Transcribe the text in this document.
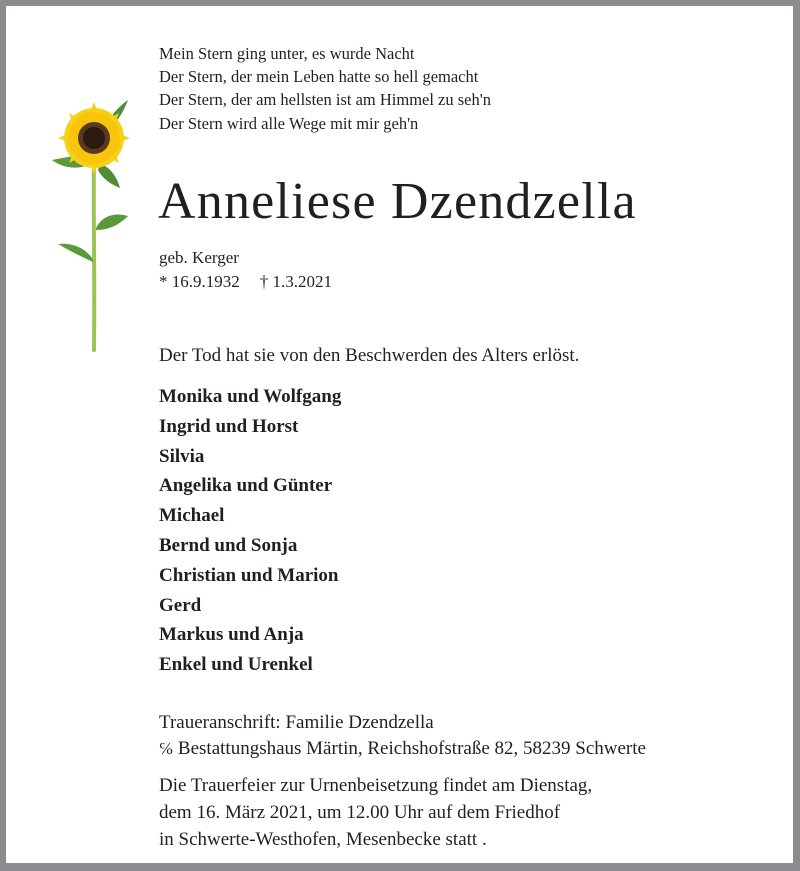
Mein Stern ging unter, es wurde Nacht
Der Stern, der mein Leben hatte so hell gemacht
Der Stern, der am hellsten ist am Himmel zu seh'n
Der Stern wird alle Wege mit mir geh'n
Anneliese Dzendzella
geb. Kerger
* 16.9.1932 † 1.3.2021
Der Tod hat sie von den Beschwerden des Alters erlöst.
Monika und Wolfgang
Ingrid und Horst
Silvia
Angelika und Günter
Michael
Bernd und Sonja
Christian und Marion
Gerd
Markus und Anja
Enkel und Urenkel
Traueranschrift: Familie Dzendzella
℅ Bestattungshaus Märtin, Reichshofstraße 82, 58239 Schwerte
Die Trauerfeier zur Urnenbeisetzung findet am Dienstag,
dem 16. März 2021, um 12.00 Uhr auf dem Friedhof
in Schwerte-Westhofen, Mesenbecke statt .
